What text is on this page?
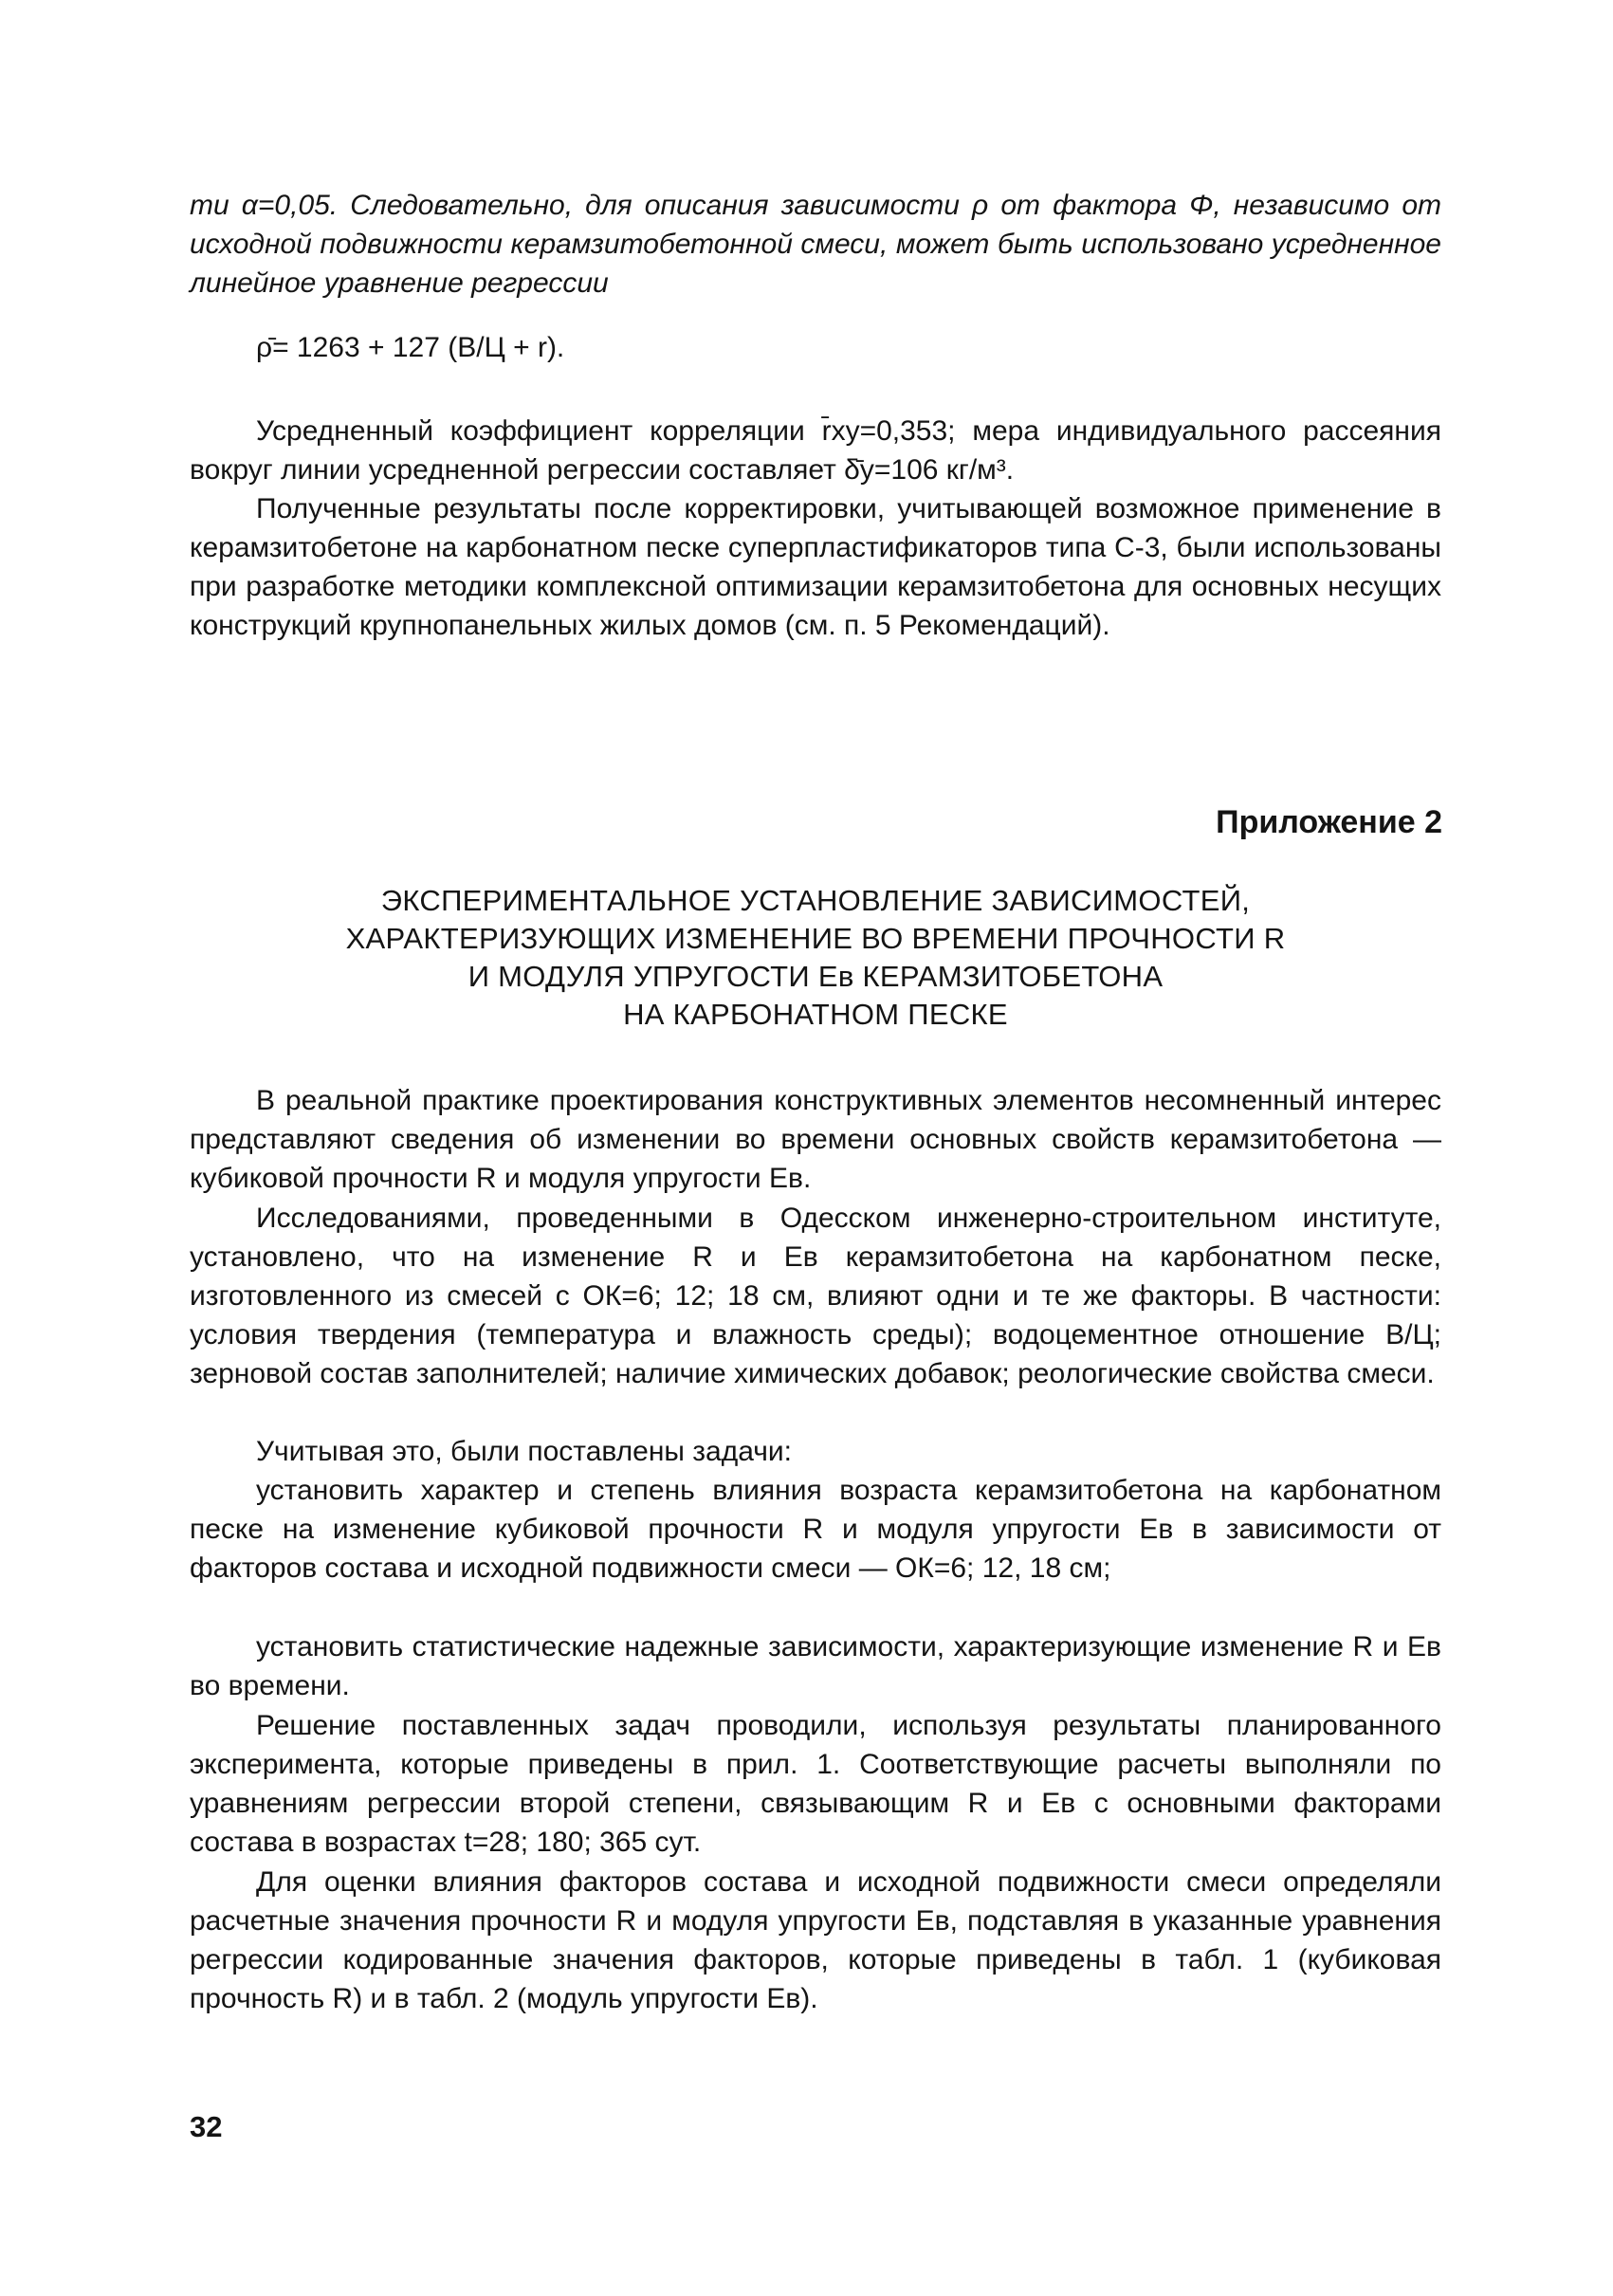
ти α=0,05. Следовательно, для описания зависимости ρ от фактора Φ, независимо от исходной подвижности керамзитобетонной смеси, может быть использовано усредненное линейное уравнение регрессии

ρ̄= 1263 + 127 (В/Ц + r).

Усредненный коэффициент корреляции r̄xy=0,353; мера индивидуального рассеяния вокруг линии усредненной регрессии составляет δ̄y=106 кг/м³.

Полученные результаты после корректировки, учитывающей возможное применение в керамзитобетоне на карбонатном песке суперпластификаторов типа С-3, были использованы при разработке методики комплексной оптимизации керамзитобетона для основных несущих конструкций крупнопанельных жилых домов (см. п. 5 Рекомендаций).

Приложение 2

ЭКСПЕРИМЕНТАЛЬНОЕ УСТАНОВЛЕНИЕ ЗАВИСИМОСТЕЙ,
ХАРАКТЕРИЗУЮЩИХ ИЗМЕНЕНИЕ ВО ВРЕМЕНИ ПРОЧНОСТИ R
И МОДУЛЯ УПРУГОСТИ Eв КЕРАМЗИТОБЕТОНА
НА КАРБОНАТНОМ ПЕСКЕ

В реальной практике проектирования конструктивных элементов несомненный интерес представляют сведения об изменении во времени основных свойств керамзитобетона — кубиковой прочности R и модуля упругости Eв.

Исследованиями, проведенными в Одесском инженерно-строительном институте, установлено, что на изменение R и Eв керамзитобетона на карбонатном песке, изготовленного из смесей с ОК=6; 12; 18 см, влияют одни и те же факторы. В частности: условия твердения (температура и влажность среды); водоцементное отношение В/Ц; зерновой состав заполнителей; наличие химических добавок; реологические свойства смеси.

Учитывая это, были поставлены задачи:

установить характер и степень влияния возраста керамзитобетона на карбонатном песке на изменение кубиковой прочности R и модуля упругости Eв в зависимости от факторов состава и исходной подвижности смеси — ОК=6; 12, 18 см;

установить статистические надежные зависимости, характеризующие изменение R и Eв во времени.

Решение поставленных задач проводили, используя результаты планированного эксперимента, которые приведены в прил. 1. Соответствующие расчеты выполняли по уравнениям регрессии второй степени, связывающим R и Eв с основными факторами состава в возрастах t=28; 180; 365 сут.

Для оценки влияния факторов состава и исходной подвижности смеси определяли расчетные значения прочности R и модуля упругости Eв, подставляя в указанные уравнения регрессии кодированные значения факторов, которые приведены в табл. 1 (кубиковая прочность R) и в табл. 2 (модуль упругости Eв).

32
